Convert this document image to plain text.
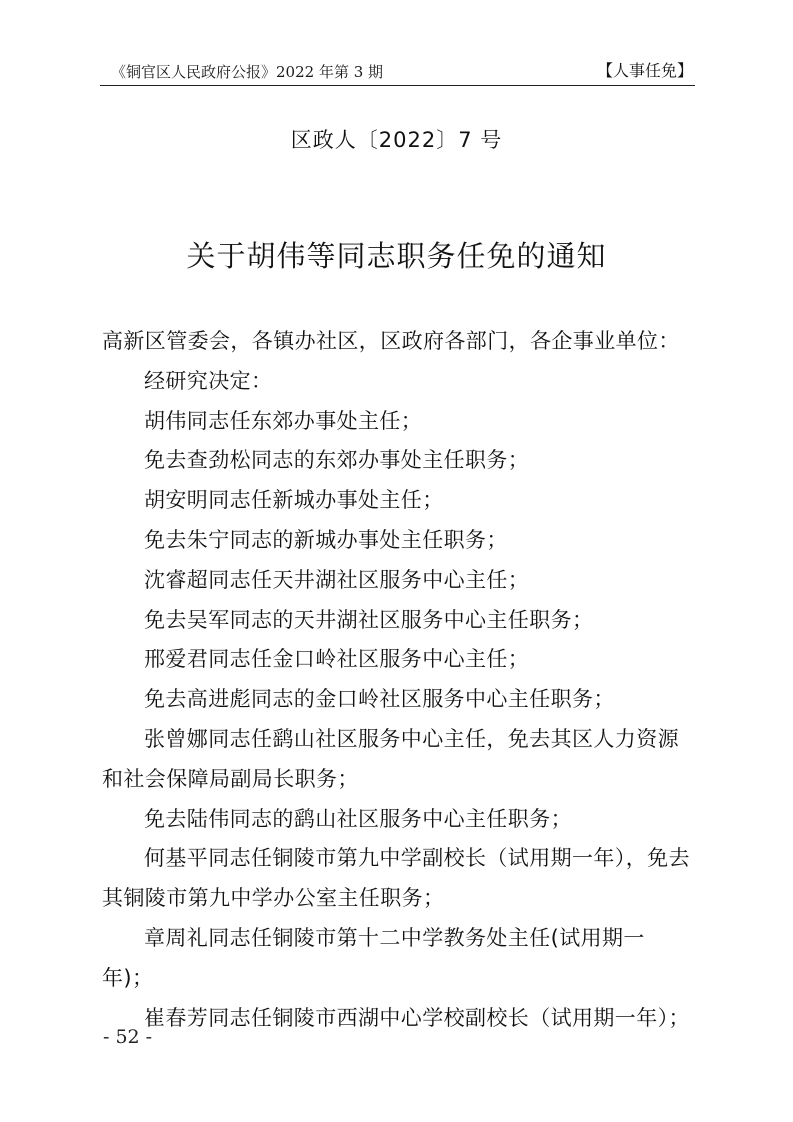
《铜官区人民政府公报》2022 年第 3 期	【人事任免】
区政人〔2022〕7 号
关于胡伟等同志职务任免的通知

高新区管委会，各镇办社区，区政府各部门，各企事业单位：

经研究决定：

胡伟同志任东郊办事处主任；

免去查劲松同志的东郊办事处主任职务；

胡安明同志任新城办事处主任；

免去朱宁同志的新城办事处主任职务；

沈睿超同志任天井湖社区服务中心主任；

免去吴军同志的天井湖社区服务中心主任职务；

邢爱君同志任金口岭社区服务中心主任；

免去高进彪同志的金口岭社区服务中心主任职务；

张曾娜同志任鹞山社区服务中心主任，免去其区人力资源和社会保障局副局长职务；

免去陆伟同志的鹞山社区服务中心主任职务；

何基平同志任铜陵市第九中学副校长（试用期一年），免去其铜陵市第九中学办公室主任职务；

章周礼同志任铜陵市第十二中学教务处主任(试用期一年)；

崔春芳同志任铜陵市西湖中心学校副校长（试用期一年）；

- 52 -
